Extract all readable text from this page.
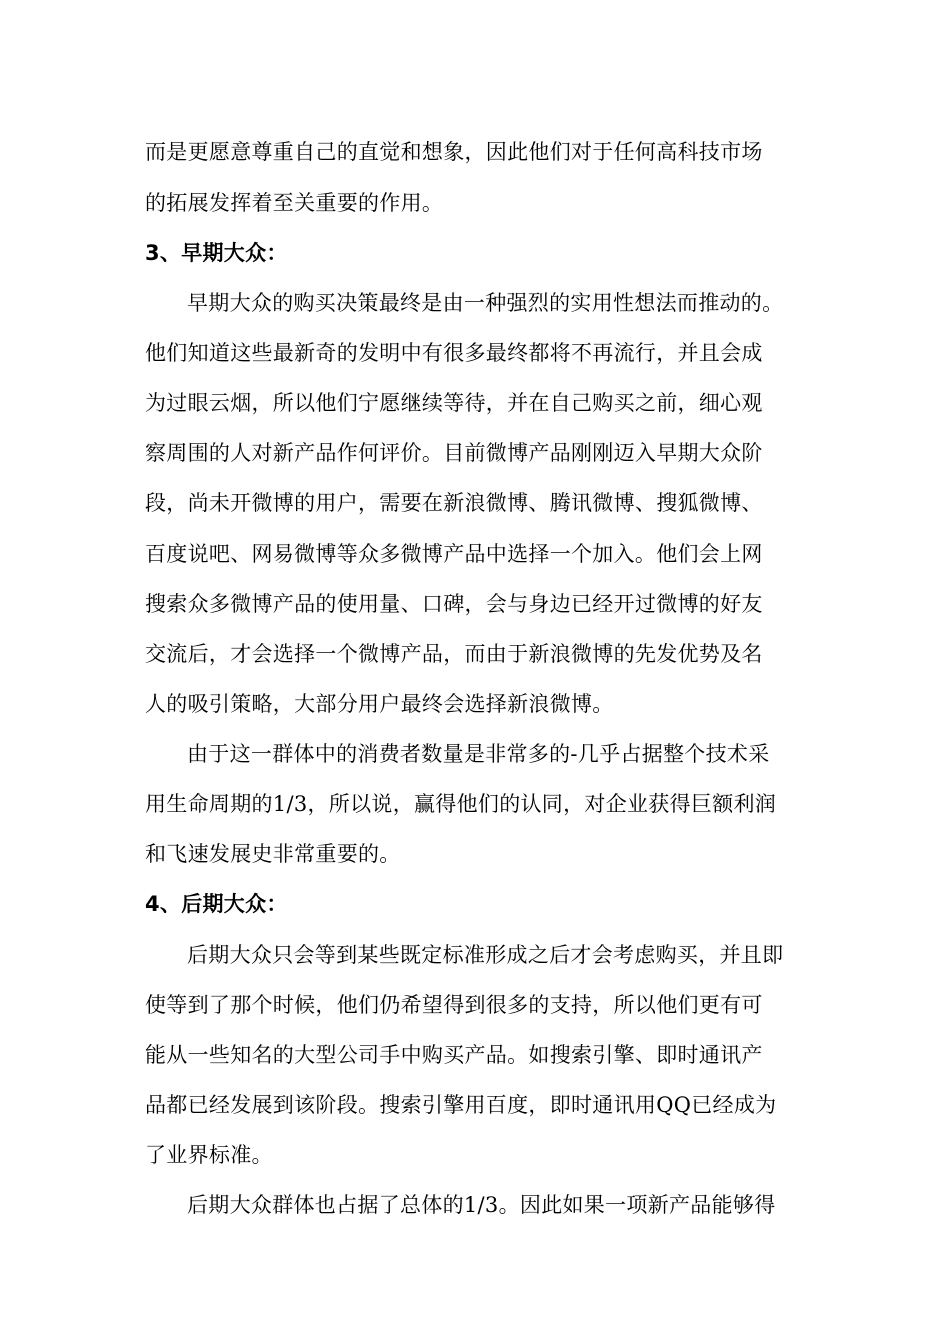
而是更愿意尊重自己的直觉和想象，因此他们对于任何高科技市场
的拓展发挥着至关重要的作用。
3、早期大众：
早期大众的购买决策最终是由一种强烈的实用性想法而推动的。
他们知道这些最新奇的发明中有很多最终都将不再流行，并且会成
为过眼云烟，所以他们宁愿继续等待，并在自己购买之前，细心观
察周围的人对新产品作何评价。目前微博产品刚刚迈入早期大众阶
段，尚未开微博的用户，需要在新浪微博、腾讯微博、搜狐微博、
百度说吧、网易微博等众多微博产品中选择一个加入。他们会上网
搜索众多微博产品的使用量、口碑，会与身边已经开过微博的好友
交流后，才会选择一个微博产品，而由于新浪微博的先发优势及名
人的吸引策略，大部分用户最终会选择新浪微博。
由于这一群体中的消费者数量是非常多的-几乎占据整个技术采
用生命周期的1/3，所以说，赢得他们的认同，对企业获得巨额利润
和飞速发展史非常重要的。
4、后期大众：
后期大众只会等到某些既定标准形成之后才会考虑购买，并且即
使等到了那个时候，他们仍希望得到很多的支持，所以他们更有可
能从一些知名的大型公司手中购买产品。如搜索引擎、即时通讯产
品都已经发展到该阶段。搜索引擎用百度，即时通讯用QQ已经成为
了业界标准。
后期大众群体也占据了总体的1/3。因此如果一项新产品能够得
